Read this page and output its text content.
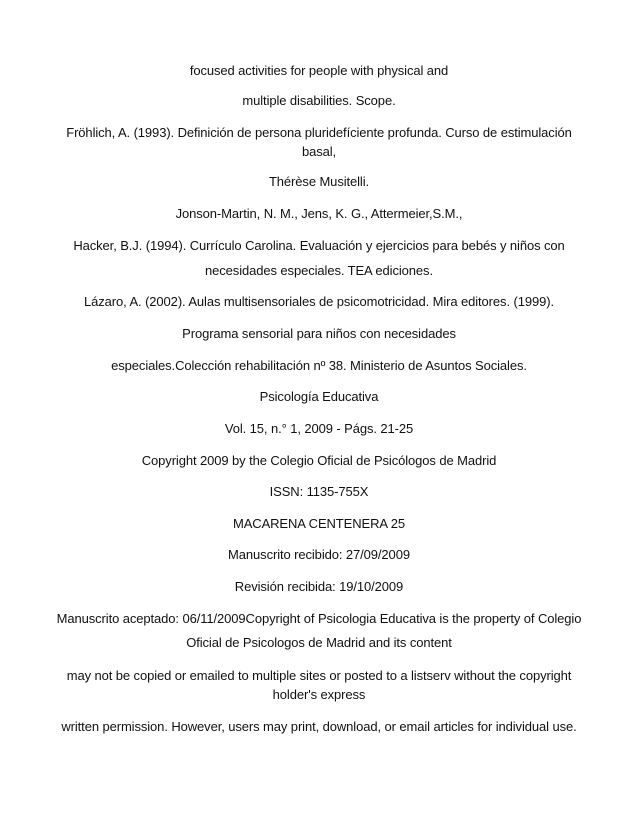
focused activities for people with physical and
multiple disabilities. Scope.
Fröhlich, A. (1993). Definición de persona pluridefíciente profunda. Curso de estimulación
basal,
Thérèse Musitelli.
Jonson-Martin, N. M., Jens, K. G., Attermeier,S.M.,
Hacker, B.J. (1994). Currículo Carolina. Evaluación y ejercicios para bebés y niños con
necesidades especiales. TEA ediciones.
Lázaro, A. (2002). Aulas multisensoriales de psicomotricidad. Mira editores. (1999).
Programa sensorial para niños con necesidades
especiales.Colección rehabilitación nº 38. Ministerio de Asuntos Sociales.
Psicología Educativa
Vol. 15, n.° 1, 2009 - Págs. 21-25
Copyright 2009 by the Colegio Oficial de Psicólogos de Madrid
ISSN: 1135-755X
MACARENA CENTENERA 25
Manuscrito recibido: 27/09/2009
Revisión recibida: 19/10/2009
Manuscrito aceptado: 06/11/2009Copyright of Psicologia Educativa is the property of Colegio
Oficial de Psicologos de Madrid and its content
may not be copied or emailed to multiple sites or posted to a listserv without the copyright
holder's express
written permission. However, users may print, download, or email articles for individual use.
